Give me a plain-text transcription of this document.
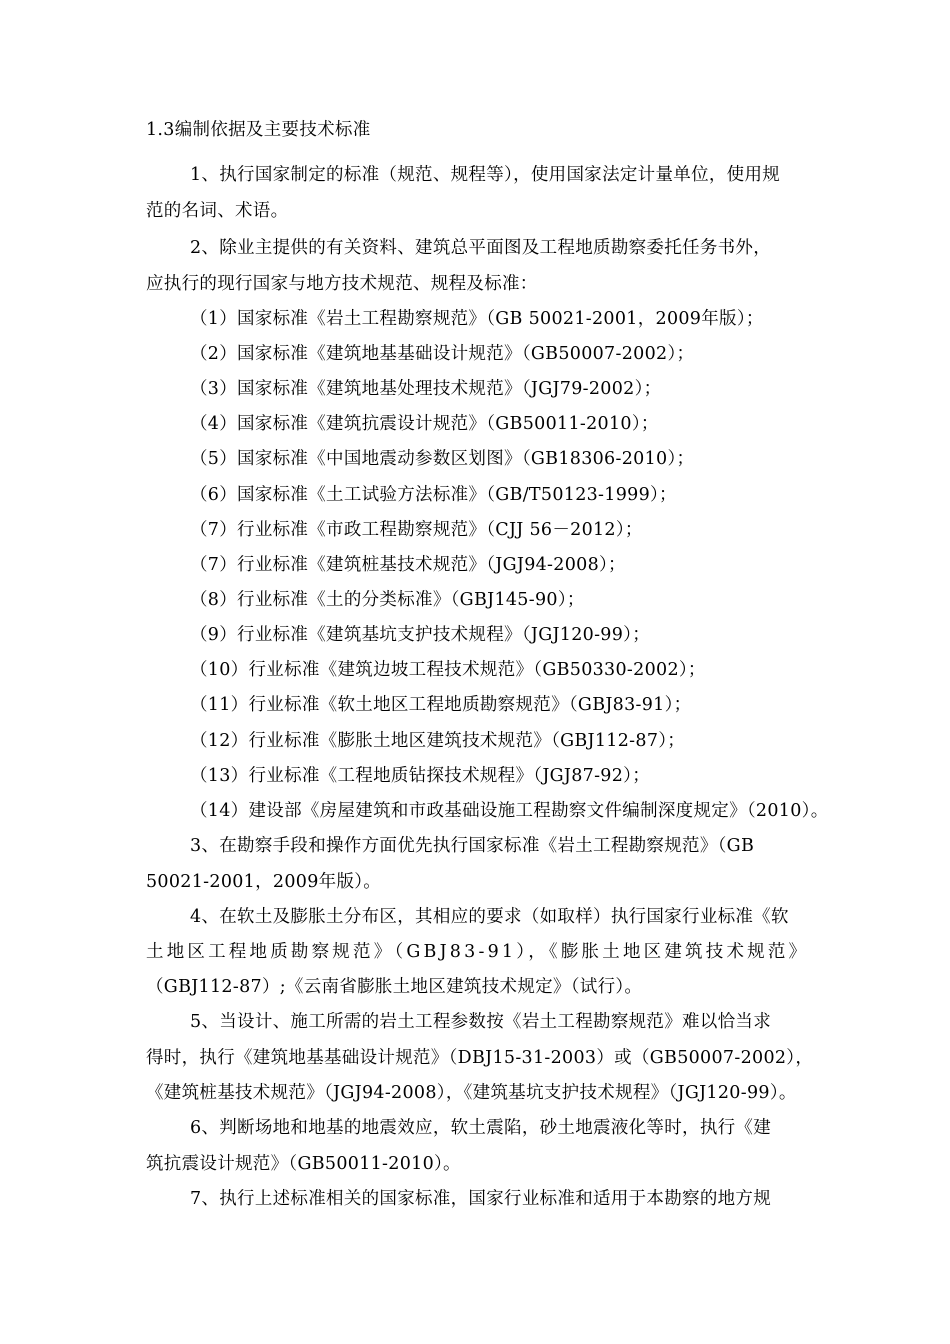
1.3编制依据及主要技术标准
1、执行国家制定的标准（规范、规程等），使用国家法定计量单位，使用规
范的名词、术语。
2、除业主提供的有关资料、建筑总平面图及工程地质勘察委托任务书外，
应执行的现行国家与地方技术规范、规程及标准：
（1）国家标准《岩土工程勘察规范》（GB 50021-2001，2009年版）；
（2）国家标准《建筑地基基础设计规范》（GB50007-2002）；
（3）国家标准《建筑地基处理技术规范》（JGJ79-2002）；
（4）国家标准《建筑抗震设计规范》（GB50011-2010）；
（5）国家标准《中国地震动参数区划图》（GB18306-2010）；
（6）国家标准《土工试验方法标准》（GB/T50123-1999）；
（7）行业标准《市政工程勘察规范》（CJJ 56－2012）；
（7）行业标准《建筑桩基技术规范》（JGJ94-2008）；
（8）行业标准《土的分类标准》（GBJ145-90）；
（9）行业标准《建筑基坑支护技术规程》（JGJ120-99）；
（10）行业标准《建筑边坡工程技术规范》（GB50330-2002）；
（11）行业标准《软土地区工程地质勘察规范》（GBJ83-91）；
（12）行业标准《膨胀土地区建筑技术规范》（GBJ112-87）；
（13）行业标准《工程地质钻探技术规程》（JGJ87-92）；
（14）建设部《房屋建筑和市政基础设施工程勘察文件编制深度规定》（2010）。
3、在勘察手段和操作方面优先执行国家标准《岩土工程勘察规范》（GB
50021-2001，2009年版）。
4、在软土及膨胀土分布区，其相应的要求（如取样）执行国家行业标准《软
土地区工程地质勘察规范》（GBJ83-91），《膨胀土地区建筑技术规范》
（GBJ112-87）;《云南省膨胀土地区建筑技术规定》（试行）。
5、当设计、施工所需的岩土工程参数按《岩土工程勘察规范》难以恰当求
得时，执行《建筑地基基础设计规范》（DBJ15-31-2003）或（GB50007-2002），
《建筑桩基技术规范》（JGJ94-2008），《建筑基坑支护技术规程》（JGJ120-99）。
6、判断场地和地基的地震效应，软土震陷，砂土地震液化等时，执行《建
筑抗震设计规范》（GB50011-2010）。
7、执行上述标准相关的国家标准，国家行业标准和适用于本勘察的地方规
